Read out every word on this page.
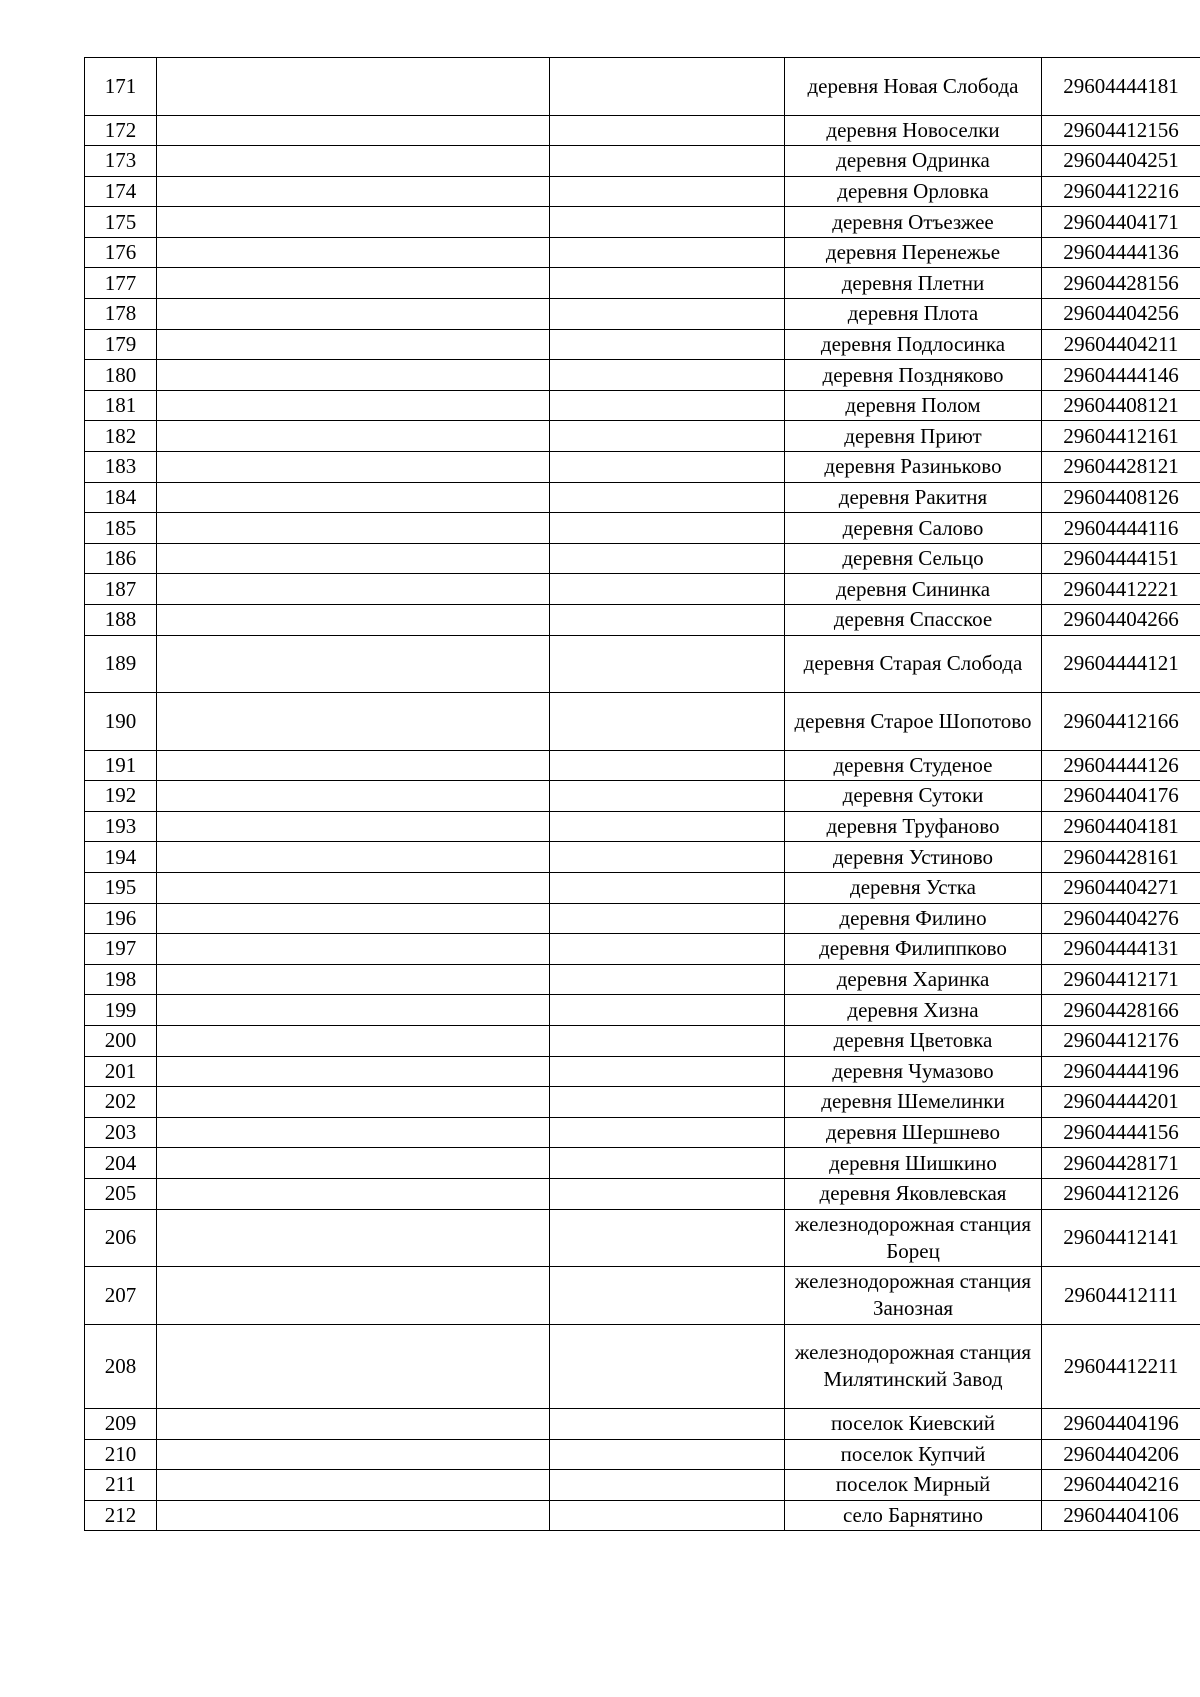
171			деревня Новая Слобода	29604444181
172			деревня Новоселки	29604412156
173			деревня Одринка	29604404251
174			деревня Орловка	29604412216
175			деревня Отъезжее	29604404171
176			деревня Перенежье	29604444136
177			деревня Плетни	29604428156
178			деревня Плота	29604404256
179			деревня Подлосинка	29604404211
180			деревня Поздняково	29604444146
181			деревня Полом	29604408121
182			деревня Приют	29604412161
183			деревня Разиньково	29604428121
184			деревня Ракитня	29604408126
185			деревня Салово	29604444116
186			деревня Сельцо	29604444151
187			деревня Сининка	29604412221
188			деревня Спасское	29604404266
189			деревня Старая Слобода	29604444121
190			деревня Старое Шопотово	29604412166
191			деревня Студеное	29604444126
192			деревня Сутоки	29604404176
193			деревня Труфаново	29604404181
194			деревня Устиново	29604428161
195			деревня Устка	29604404271
196			деревня Филино	29604404276
197			деревня Филиппково	29604444131
198			деревня Харинка	29604412171
199			деревня Хизна	29604428166
200			деревня Цветовка	29604412176
201			деревня Чумазово	29604444196
202			деревня Шемелинки	29604444201
203			деревня Шершнево	29604444156
204			деревня Шишкино	29604428171
205			деревня Яковлевская	29604412126
206			железнодорожная станция Борец	29604412141
207			железнодорожная станция Занозная	29604412111
208			железнодорожная станция Милятинский Завод	29604412211
209			поселок Киевский	29604404196
210			поселок Купчий	29604404206
211			поселок Мирный	29604404216
212			село Барнятино	29604404106
